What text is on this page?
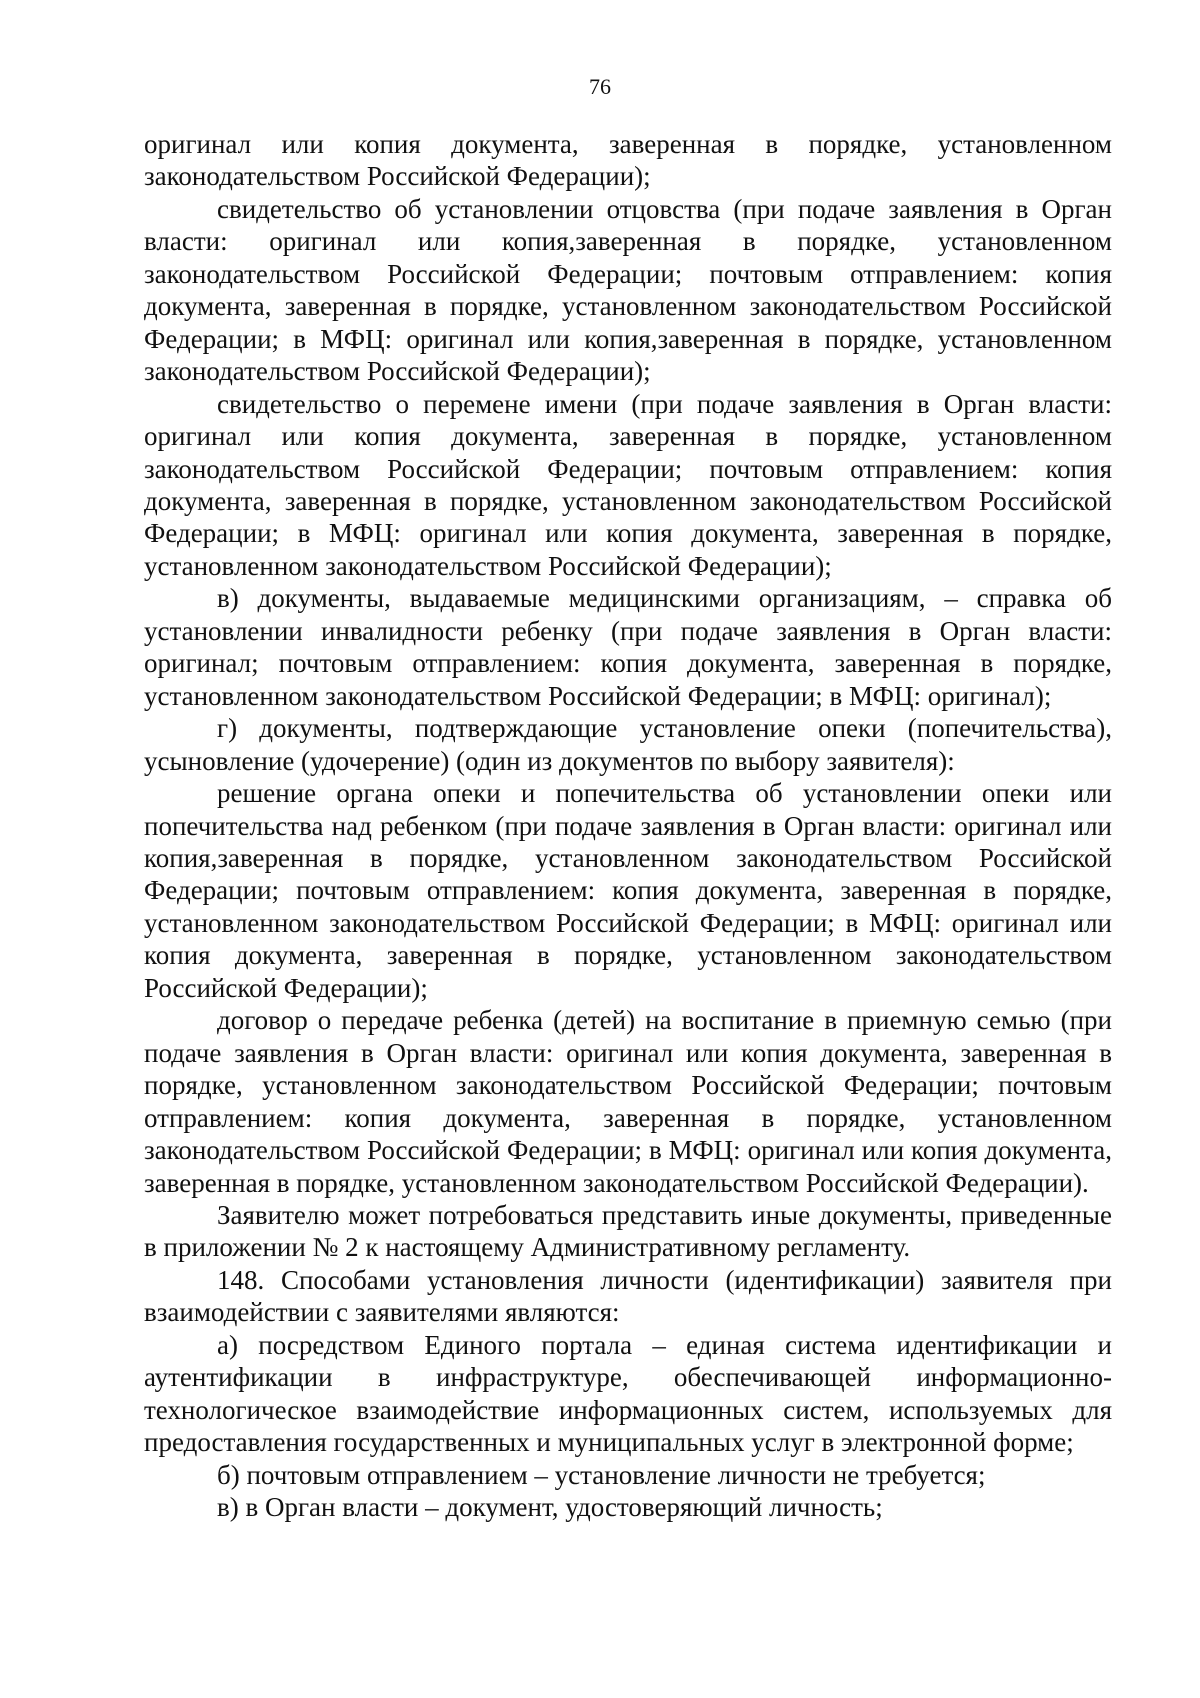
76

оригинал или копия документа, заверенная в порядке, установленном законодательством Российской Федерации);

свидетельство об установлении отцовства (при подаче заявления в Орган власти: оригинал или копия,заверенная в порядке, установленном законодательством Российской Федерации; почтовым отправлением: копия документа, заверенная в порядке, установленном законодательством Российской Федерации; в МФЦ: оригинал или копия,заверенная в порядке, установленном законодательством Российской Федерации);

свидетельство о перемене имени (при подаче заявления в Орган власти: оригинал или копия документа, заверенная в порядке, установленном законодательством Российской Федерации; почтовым отправлением: копия документа, заверенная в порядке, установленном законодательством Российской Федерации; в МФЦ: оригинал или копия документа, заверенная в порядке, установленном законодательством Российской Федерации);

в) документы, выдаваемые медицинскими организациям, – справка об установлении инвалидности ребенку (при подаче заявления в Орган власти: оригинал; почтовым отправлением: копия документа, заверенная в порядке, установленном законодательством Российской Федерации; в МФЦ: оригинал);

г) документы, подтверждающие установление опеки (попечительства), усыновление (удочерение) (один из документов по выбору заявителя):

решение органа опеки и попечительства об установлении опеки или попечительства над ребенком (при подаче заявления в Орган власти: оригинал или копия,заверенная в порядке, установленном законодательством Российской Федерации; почтовым отправлением: копия документа, заверенная в порядке, установленном законодательством Российской Федерации; в МФЦ: оригинал или копия документа, заверенная в порядке, установленном законодательством Российской Федерации);

договор о передаче ребенка (детей) на воспитание в приемную семью (при подаче заявления в Орган власти: оригинал или копия документа, заверенная в порядке, установленном законодательством Российской Федерации; почтовым отправлением: копия документа, заверенная в порядке, установленном законодательством Российской Федерации; в МФЦ: оригинал или копия документа, заверенная в порядке, установленном законодательством Российской Федерации).

Заявителю может потребоваться представить иные документы, приведенные в приложении № 2 к настоящему Административному регламенту.

148. Способами установления личности (идентификации) заявителя при взаимодействии с заявителями являются:

а) посредством Единого портала – единая система идентификации и аутентификации в инфраструктуре, обеспечивающей информационно-технологическое взаимодействие информационных систем, используемых для предоставления государственных и муниципальных услуг в электронной форме;

б) почтовым отправлением – установление личности не требуется;

в) в Орган власти – документ, удостоверяющий личность;
